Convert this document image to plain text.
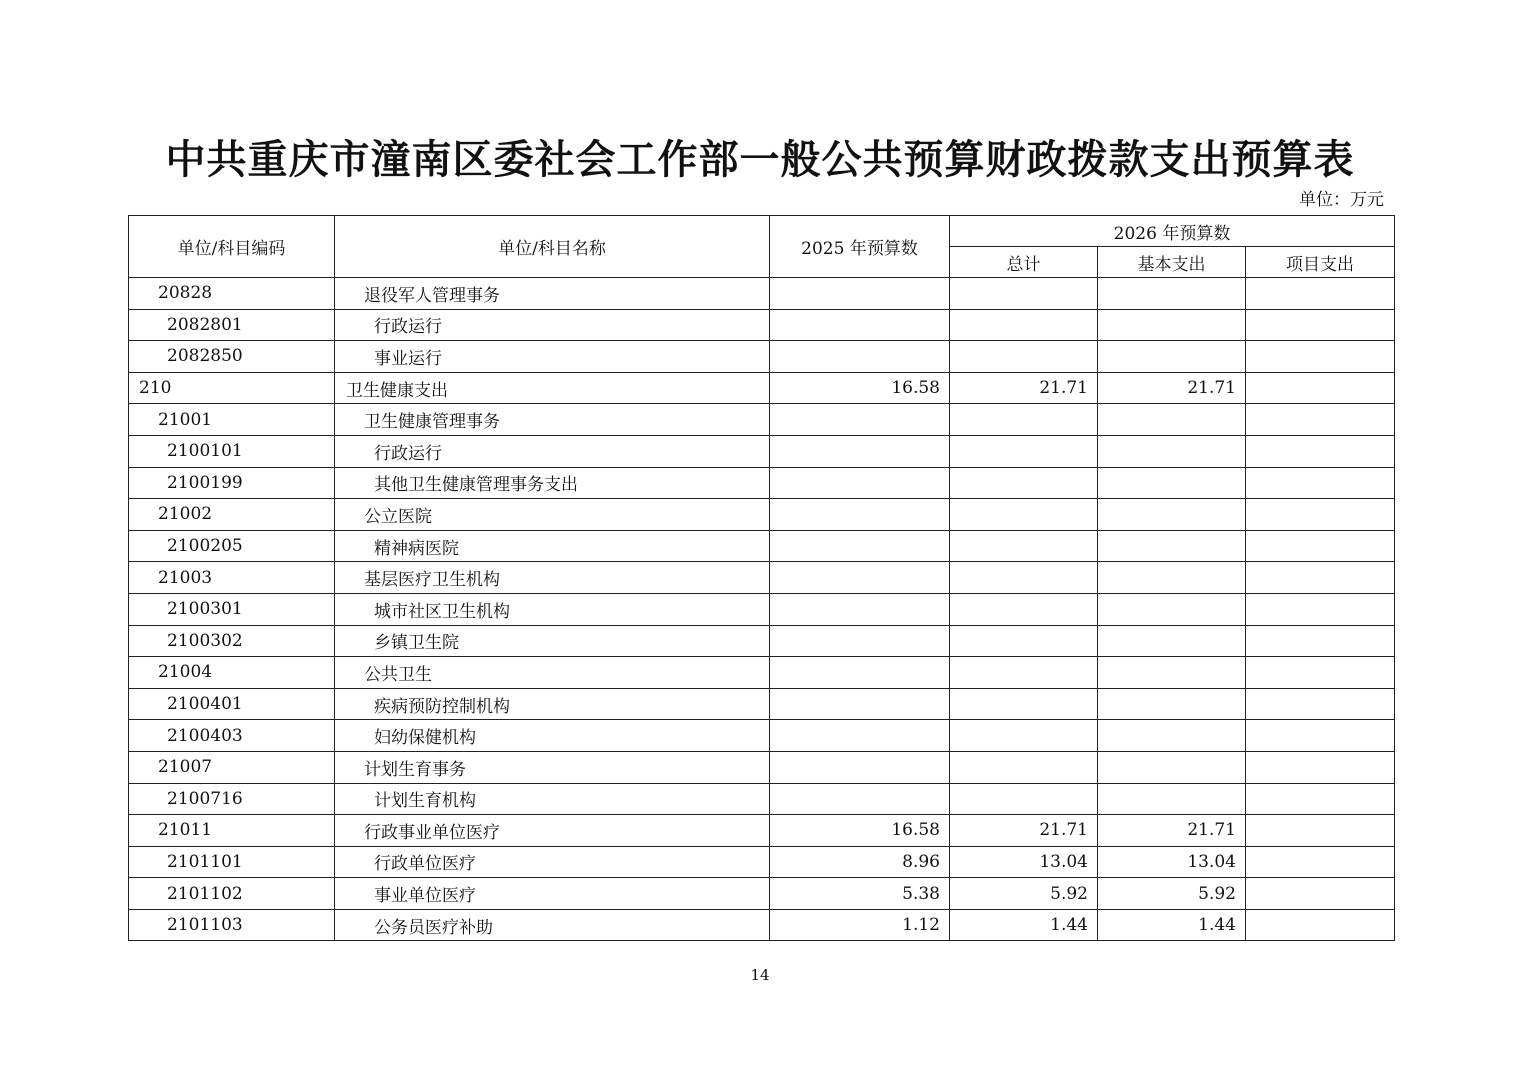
中共重庆市潼南区委社会工作部一般公共预算财政拨款支出预算表
单位：万元
单位/科目编码	单位/科目名称	2025 年预算数	2026 年预算数		
			总计	基本支出	项目支出
20828	退役军人管理事务				
2082801	行政运行				
2082850	事业运行				
210	卫生健康支出	16.58	21.71	21.71	
21001	卫生健康管理事务				
2100101	行政运行				
2100199	其他卫生健康管理事务支出				
21002	公立医院				
2100205	精神病医院				
21003	基层医疗卫生机构				
2100301	城市社区卫生机构				
2100302	乡镇卫生院				
21004	公共卫生				
2100401	疾病预防控制机构				
2100403	妇幼保健机构				
21007	计划生育事务				
2100716	计划生育机构				
21011	行政事业单位医疗	16.58	21.71	21.71	
2101101	行政单位医疗	8.96	13.04	13.04	
2101102	事业单位医疗	5.38	5.92	5.92	
2101103	公务员医疗补助	1.12	1.44	1.44	
14
